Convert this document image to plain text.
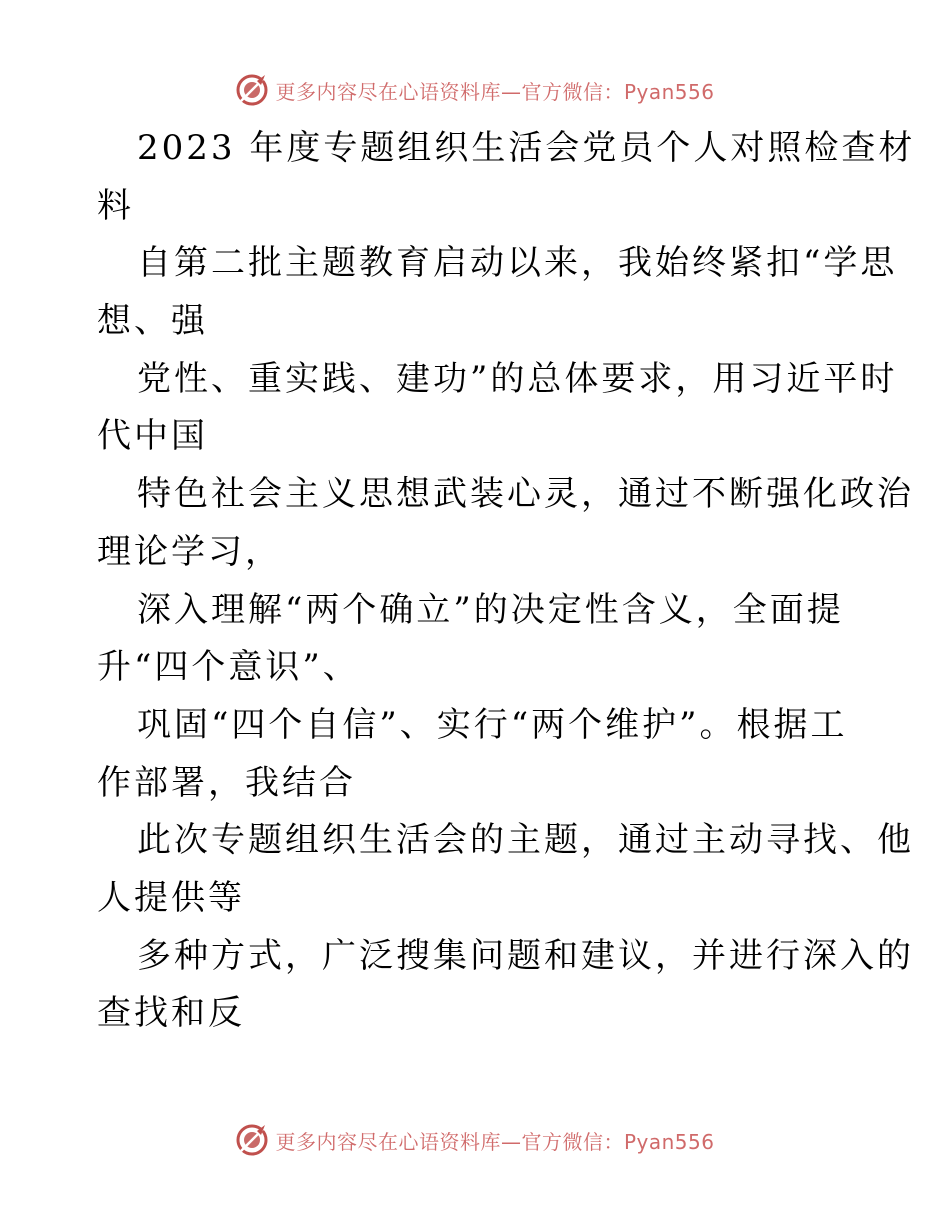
更多内容尽在心语资料库—官方微信：Pyan556
2023 年度专题组织生活会党员个人对照检查材
料
自第二批主题教育启动以来，我始终紧扣“学思
想、强
党性、重实践、建功”的总体要求，用习近平时
代中国
特色社会主义思想武装心灵，通过不断强化政治
理论学习，
深入理解“两个确立”的决定性含义，全面提
升“四个意识”、
巩固“四个自信”、实行“两个维护”。根据工
作部署，我结合
此次专题组织生活会的主题，通过主动寻找、他
人提供等
多种方式，广泛搜集问题和建议，并进行深入的
查找和反
更多内容尽在心语资料库—官方微信：Pyan556
